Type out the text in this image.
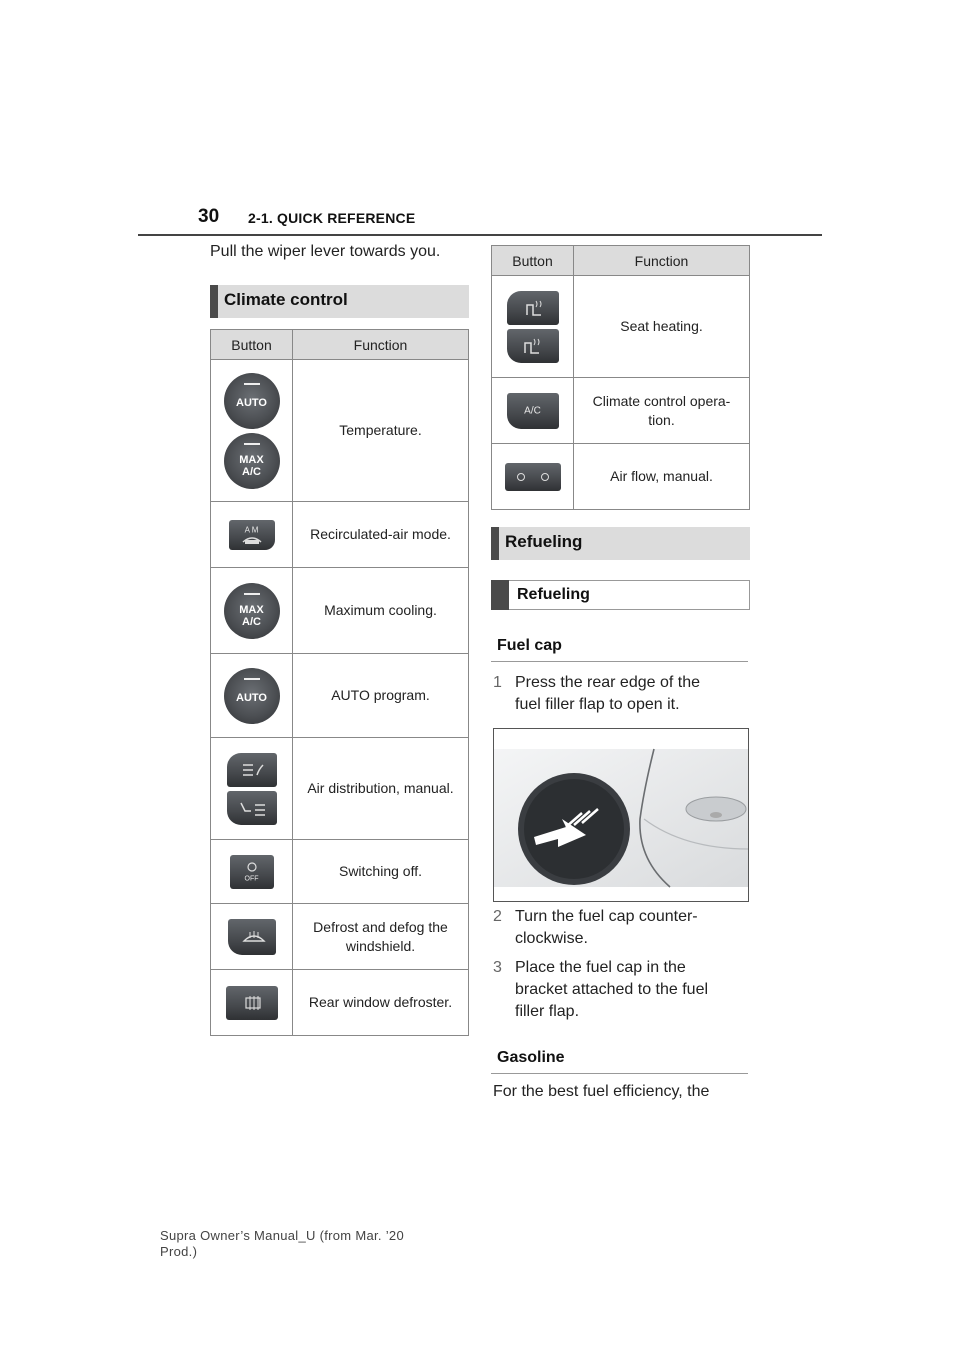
30 2-1. QUICK REFERENCE
Pull the wiper lever towards you.
Climate control
Button	Function

AUTO
MAX
A/C	Temperature.

A M	Recirculated-air mode.

MAX
A/C	Maximum cooling.

AUTO	AUTO program.

	Air distribution, manual.

OFF	Switching off.

	Defrost and defog the
windshield.

	Rear window defroster.
Button	Function

	Seat heating.

A/C	Climate control opera-
tion.

	Air flow, manual.
Refueling
Refueling
Fuel cap
1 Press the rear edge of the
fuel filler flap to open it.
2 Turn the fuel cap counter-
clockwise.
3 Place the fuel cap in the
bracket attached to the fuel
filler flap.
Gasoline
For the best fuel efficiency, the
Supra Owner’s Manual_U (from Mar. ’20
Prod.)
